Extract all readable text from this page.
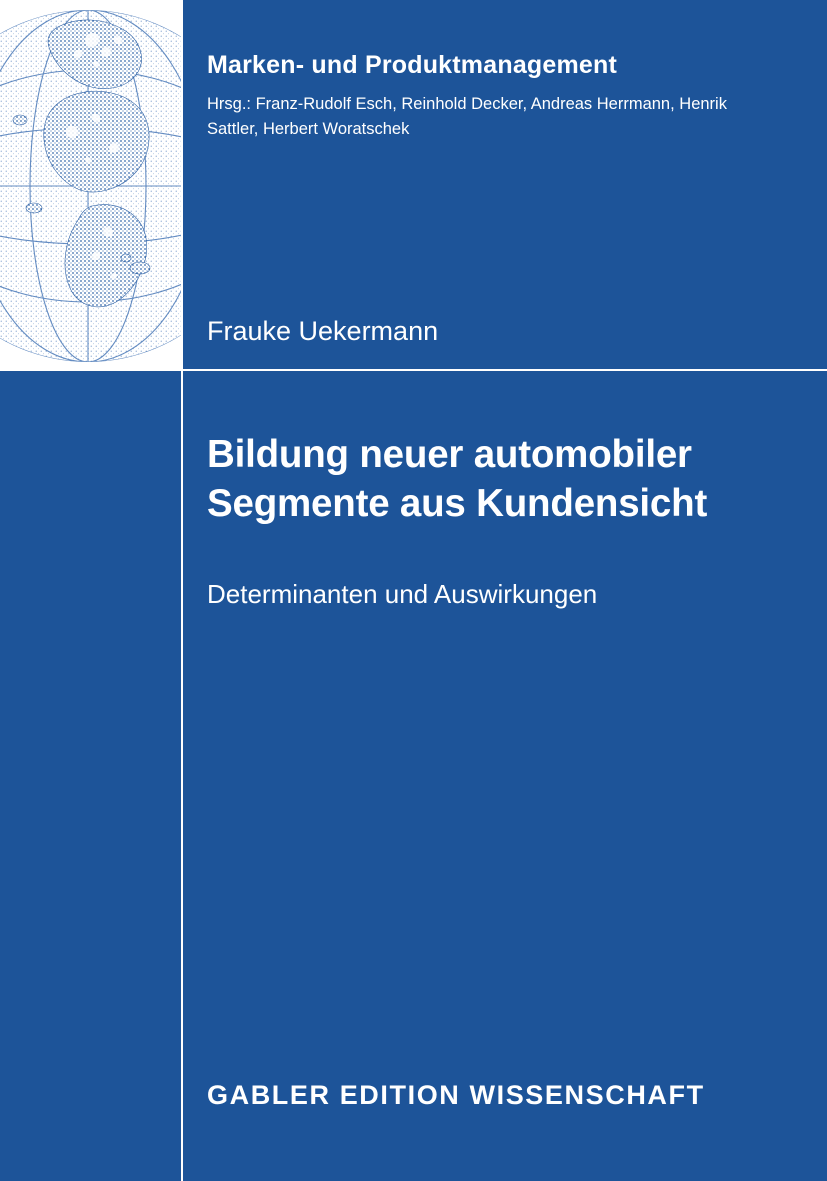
Marken- und Produktmanagement
Hrsg.: Franz-Rudolf Esch, Reinhold Decker, Andreas Herrmann, Henrik Sattler, Herbert Woratschek
Frauke Uekermann
Bildung neuer automobiler
Segmente aus Kundensicht
Determinanten und Auswirkungen
GABLER EDITION WISSENSCHAFT
